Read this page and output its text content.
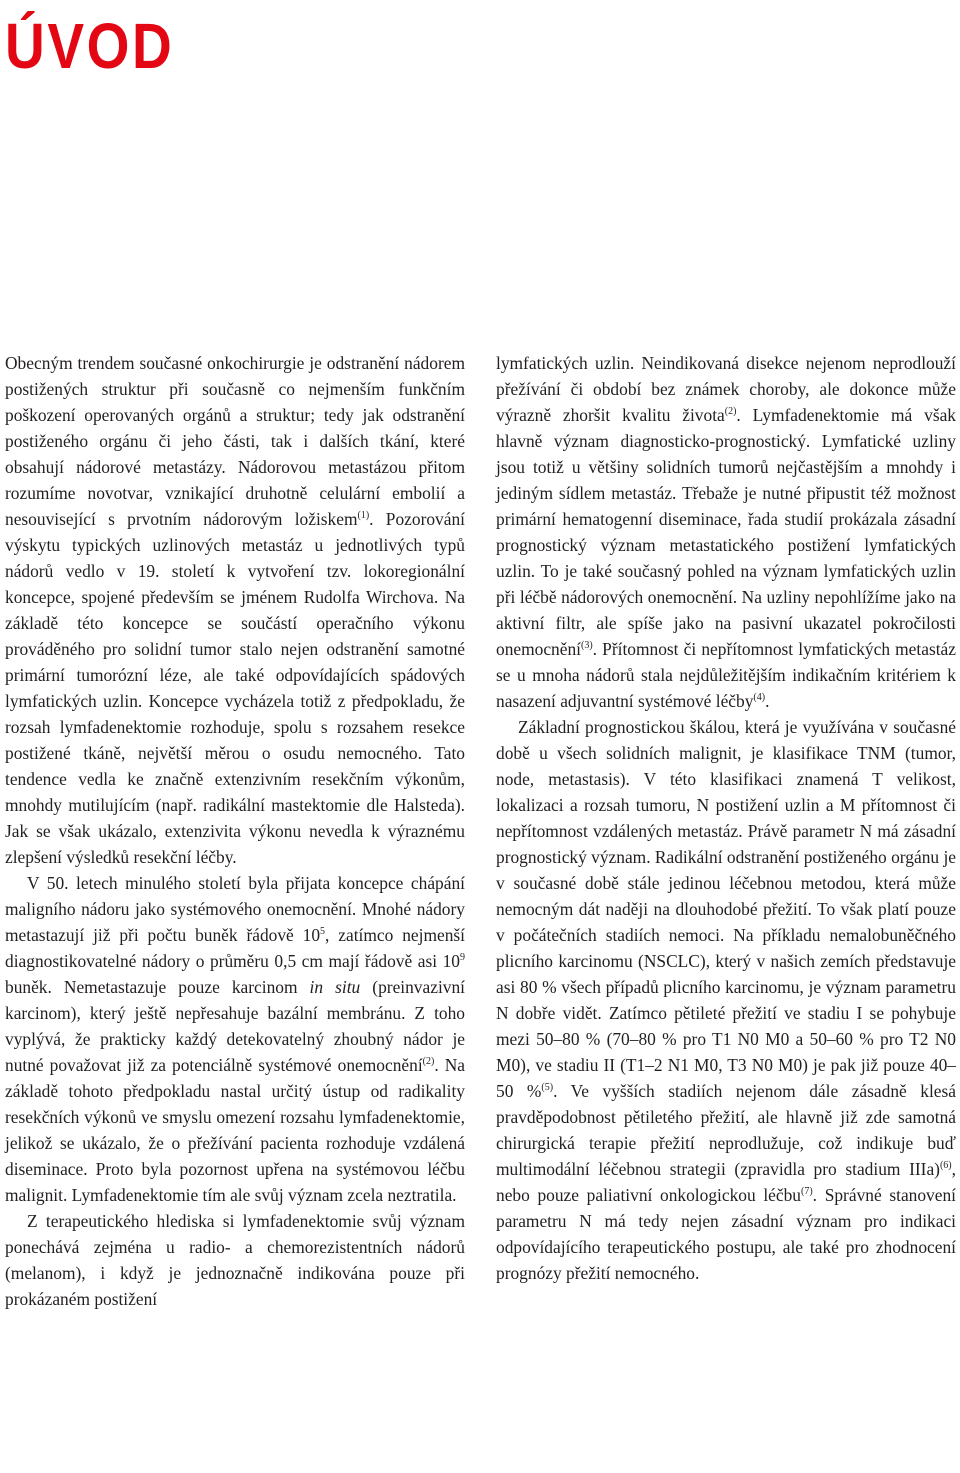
ÚVOD

Obecným trendem současné onkochirurgie je odstranění nádorem postižených struktur při současně co nejmenším funkčním poškození operovaných orgánů a struktur; tedy jak odstranění postiženého orgánu či jeho části, tak i dalších tkání, které obsahují nádorové metastázy. Nádorovou metastázou přitom rozumíme novotvar, vznikající druhotně celulární embolií a nesouvisející s prvotním nádorovým ložiskem$^{(1)}$. Pozorování výskytu typických uzlinových metastáz u jednotlivých typů nádorů vedlo v 19. století k vytvoření tzv. lokoregionální koncepce, spojené především se jménem Rudolfa Wirchova. Na základě této koncepce se součástí operačního výkonu prováděného pro solidní tumor stalo nejen odstranění samotné primární tumorózní léze, ale také odpovídajících spádových lymfatických uzlin. Koncepce vycházela totiž z předpokladu, že rozsah lymfadenektomie rozhoduje, spolu s rozsahem resekce postižené tkáně, největší měrou o osudu nemocného. Tato tendence vedla ke značně extenzivním resekčním výkonům, mnohdy mutilujícím (např. radikální mastektomie dle Halsteda). Jak se však ukázalo, extenzivita výkonu nevedla k výraznému zlepšení výsledků resekční léčby.

V 50. letech minulého století byla přijata koncepce chápání maligního nádoru jako systémového onemocnění. Mnohé nádory metastazují již při počtu buněk řádově $10^5$, zatímco nejmenší diagnostikovatelné nádory o průměru 0,5 cm mají řádově asi $10^9$ buněk. Nemetastazuje pouze karcinom in situ (preinvazivní karcinom), který ještě nepřesahuje bazální membránu. Z toho vyplývá, že prakticky každý detekovatelný zhoubný nádor je nutné považovat již za potenciálně systémové onemocnění$^{(2)}$. Na základě tohoto předpokladu nastal určitý ústup od radikality resekčních výkonů ve smyslu omezení rozsahu lymfadenektomie, jelikož se ukázalo, že o přežívání pacienta rozhoduje vzdálená diseminace. Proto byla pozornost upřena na systémovou léčbu malignit. Lymfadenektomie tím ale svůj význam zcela neztratila.

Z terapeutického hlediska si lymfadenektomie svůj význam ponechává zejména u radio- a chemorezistentních nádorů (melanom), i když je jednoznačně indikována pouze při prokázaném postižení

lymfatických uzlin. Neindikovaná disekce nejenom neprodlouží přežívání či období bez známek choroby, ale dokonce může výrazně zhoršit kvalitu života$^{(2)}$. Lymfadenektomie má však hlavně význam diagnosticko-prognostický. Lymfatické uzliny jsou totiž u většiny solidních tumorů nejčastějším a mnohdy i jediným sídlem metastáz. Třebaže je nutné připustit též možnost primární hematogenní diseminace, řada studií prokázala zásadní prognostický význam metastatického postižení lymfatických uzlin. To je také současný pohled na význam lymfatických uzlin při léčbě nádorových onemocnění. Na uzliny nepohlížíme jako na aktivní filtr, ale spíše jako na pasivní ukazatel pokročilosti onemocnění$^{(3)}$. Přítomnost či nepřítomnost lymfatických metastáz se u mnoha nádorů stala nejdůležitějším indikačním kritériem k nasazení adjuvantní systémové léčby$^{(4)}$.

Základní prognostickou škálou, která je využívána v současné době u všech solidních malignit, je klasifikace TNM (tumor, node, metastasis). V této klasifikaci znamená T velikost, lokalizaci a rozsah tumoru, N postižení uzlin a M přítomnost či nepřítomnost vzdálených metastáz. Právě parametr N má zásadní prognostický význam. Radikální odstranění postiženého orgánu je v současné době stále jedinou léčebnou metodou, která může nemocným dát naději na dlouhodobé přežití. To však platí pouze v počátečních stadiích nemoci. Na příkladu nemalobuněčného plicního karcinomu (NSCLC), který v našich zemích představuje asi 80 % všech případů plicního karcinomu, je význam parametru N dobře vidět. Zatímco pětileté přežití ve stadiu I se pohybuje mezi 50–80 % (70–80 % pro T1 N0 M0 a 50–60 % pro T2 N0 M0), ve stadiu II (T1–2 N1 M0, T3 N0 M0) je pak již pouze 40–50 %$^{(5)}$. Ve vyšších stadiích nejenom dále zásadně klesá pravděpodobnost pětiletého přežití, ale hlavně již zde samotná chirurgická terapie přežití neprodlužuje, což indikuje buď multimodální léčebnou strategii (zpravidla pro stadium IIIa)$^{(6)}$, nebo pouze paliativní onkologickou léčbu$^{(7)}$. Správné stanovení parametru N má tedy nejen zásadní význam pro indikaci odpovídajícího terapeutického postupu, ale také pro zhodnocení prognózy přežití nemocného.
